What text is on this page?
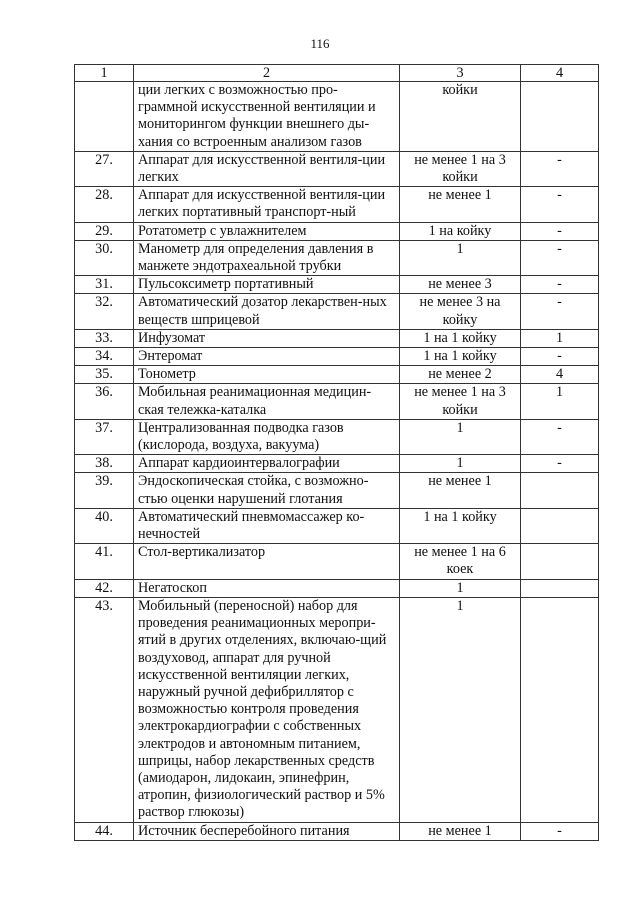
116
1	2	3	4
	ции легких с возможностью про-граммной искусственной вентиляции и мониторингом функции внешнего ды-хания со встроенным анализом газов	койки	
27.	Аппарат для искусственной вентиля-ции легких	не менее 1 на 3 койки	-
28.	Аппарат для искусственной вентиля-ции легких портативный транспорт-ный	не менее 1	-
29.	Ротатометр с увлажнителем	1 на койку	-
30.	Манометр для определения давления в манжете эндотрахеальной трубки	1	-
31.	Пульсоксиметр портативный	не менее 3	-
32.	Автоматический дозатор лекарствен-ных веществ шприцевой	не менее 3 на койку	-
33.	Инфузомат	1 на 1 койку	1
34.	Энтеромат	1 на 1 койку	-
35.	Тонометр	не менее 2	4
36.	Мобильная реанимационная медицин-ская тележка-каталка	не менее 1 на 3 койки	1
37.	Централизованная подводка газов (кислорода, воздуха, вакуума)	1	-
38.	Аппарат кардиоинтервалографии	1	-
39.	Эндоскопическая стойка, с возможно-стью оценки нарушений глотания	не менее 1	
40.	Автоматический пневмомассажер ко-нечностей	1 на 1 койку	
41.	Стол-вертикализатор	не менее 1 на 6 коек	
42.	Негатоскоп	1	
43.	Мобильный (переносной) набор для проведения реанимационных меропри-ятий в других отделениях, включаю-щий воздуховод, аппарат для ручной искусственной вентиляции легких, наружный ручной дефибриллятор с возможностью контроля проведения электрокардиографии с собственных электродов и автономным питанием, шприцы, набор лекарственных средств (амиодарон, лидокаин, эпинефрин, атропин, физиологический раствор и 5% раствор глюкозы)	1	
44.	Источник бесперебойного питания	не менее 1	-
